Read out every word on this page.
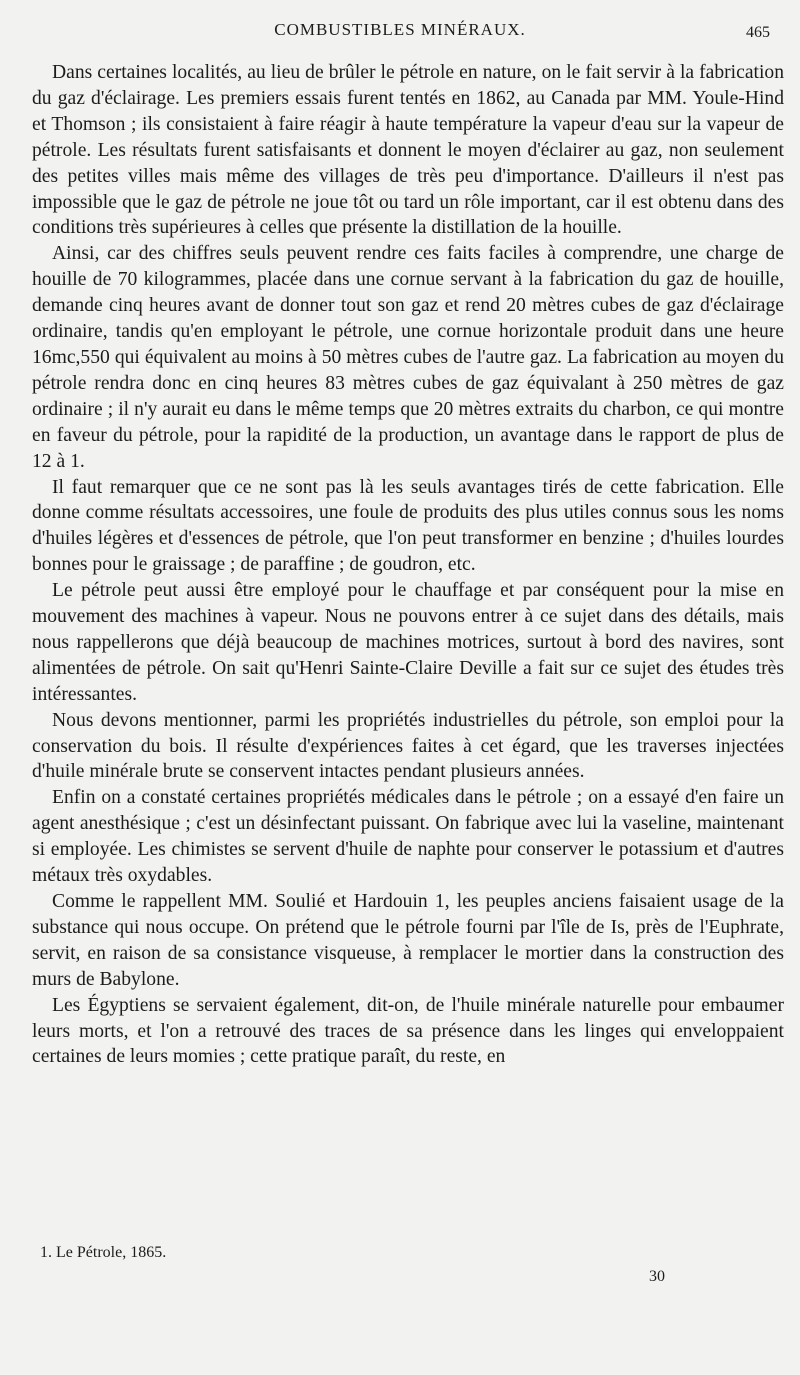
COMBUSTIBLES MINÉRAUX.	465

Dans certaines localités, au lieu de brûler le pétrole en nature, on le fait servir à la fabrication du gaz d'éclairage. Les premiers essais furent tentés en 1862, au Canada par MM. Youle-Hind et Thomson ; ils consistaient à faire réagir à haute température la vapeur d'eau sur la vapeur de pétrole. Les résultats furent satisfaisants et donnent le moyen d'éclairer au gaz, non seulement des petites villes mais même des villages de très peu d'importance. D'ailleurs il n'est pas impossible que le gaz de pétrole ne joue tôt ou tard un rôle important, car il est obtenu dans des conditions très supérieures à celles que présente la distillation de la houille.

Ainsi, car des chiffres seuls peuvent rendre ces faits faciles à comprendre, une charge de houille de 70 kilogrammes, placée dans une cornue servant à la fabrication du gaz de houille, demande cinq heures avant de donner tout son gaz et rend 20 mètres cubes de gaz d'éclairage ordinaire, tandis qu'en employant le pétrole, une cornue horizontale produit dans une heure 16mc,550 qui équivalent au moins à 50 mètres cubes de l'autre gaz. La fabrication au moyen du pétrole rendra donc en cinq heures 83 mètres cubes de gaz équivalant à 250 mètres de gaz ordinaire ; il n'y aurait eu dans le même temps que 20 mètres extraits du charbon, ce qui montre en faveur du pétrole, pour la rapidité de la production, un avantage dans le rapport de plus de 12 à 1.

Il faut remarquer que ce ne sont pas là les seuls avantages tirés de cette fabrication. Elle donne comme résultats accessoires, une foule de produits des plus utiles connus sous les noms d'huiles légères et d'essences de pétrole, que l'on peut transformer en benzine ; d'huiles lourdes bonnes pour le graissage ; de paraffine ; de goudron, etc.

Le pétrole peut aussi être employé pour le chauffage et par conséquent pour la mise en mouvement des machines à vapeur. Nous ne pouvons entrer à ce sujet dans des détails, mais nous rappellerons que déjà beaucoup de machines motrices, surtout à bord des navires, sont alimentées de pétrole. On sait qu'Henri Sainte-Claire Deville a fait sur ce sujet des études très intéressantes.

Nous devons mentionner, parmi les propriétés industrielles du pétrole, son emploi pour la conservation du bois. Il résulte d'expériences faites à cet égard, que les traverses injectées d'huile minérale brute se conservent intactes pendant plusieurs années.

Enfin on a constaté certaines propriétés médicales dans le pétrole ; on a essayé d'en faire un agent anesthésique ; c'est un désinfectant puissant. On fabrique avec lui la vaseline, maintenant si employée. Les chimistes se servent d'huile de naphte pour conserver le potassium et d'autres métaux très oxydables.

Comme le rappellent MM. Soulié et Hardouin 1, les peuples anciens faisaient usage de la substance qui nous occupe. On prétend que le pétrole fourni par l'île de Is, près de l'Euphrate, servit, en raison de sa consistance visqueuse, à remplacer le mortier dans la construction des murs de Babylone.

Les Égyptiens se servaient également, dit-on, de l'huile minérale naturelle pour embaumer leurs morts, et l'on a retrouvé des traces de sa présence dans les linges qui enveloppaient certaines de leurs momies ; cette pratique paraît, du reste, en

1. Le Pétrole, 1865.
30
